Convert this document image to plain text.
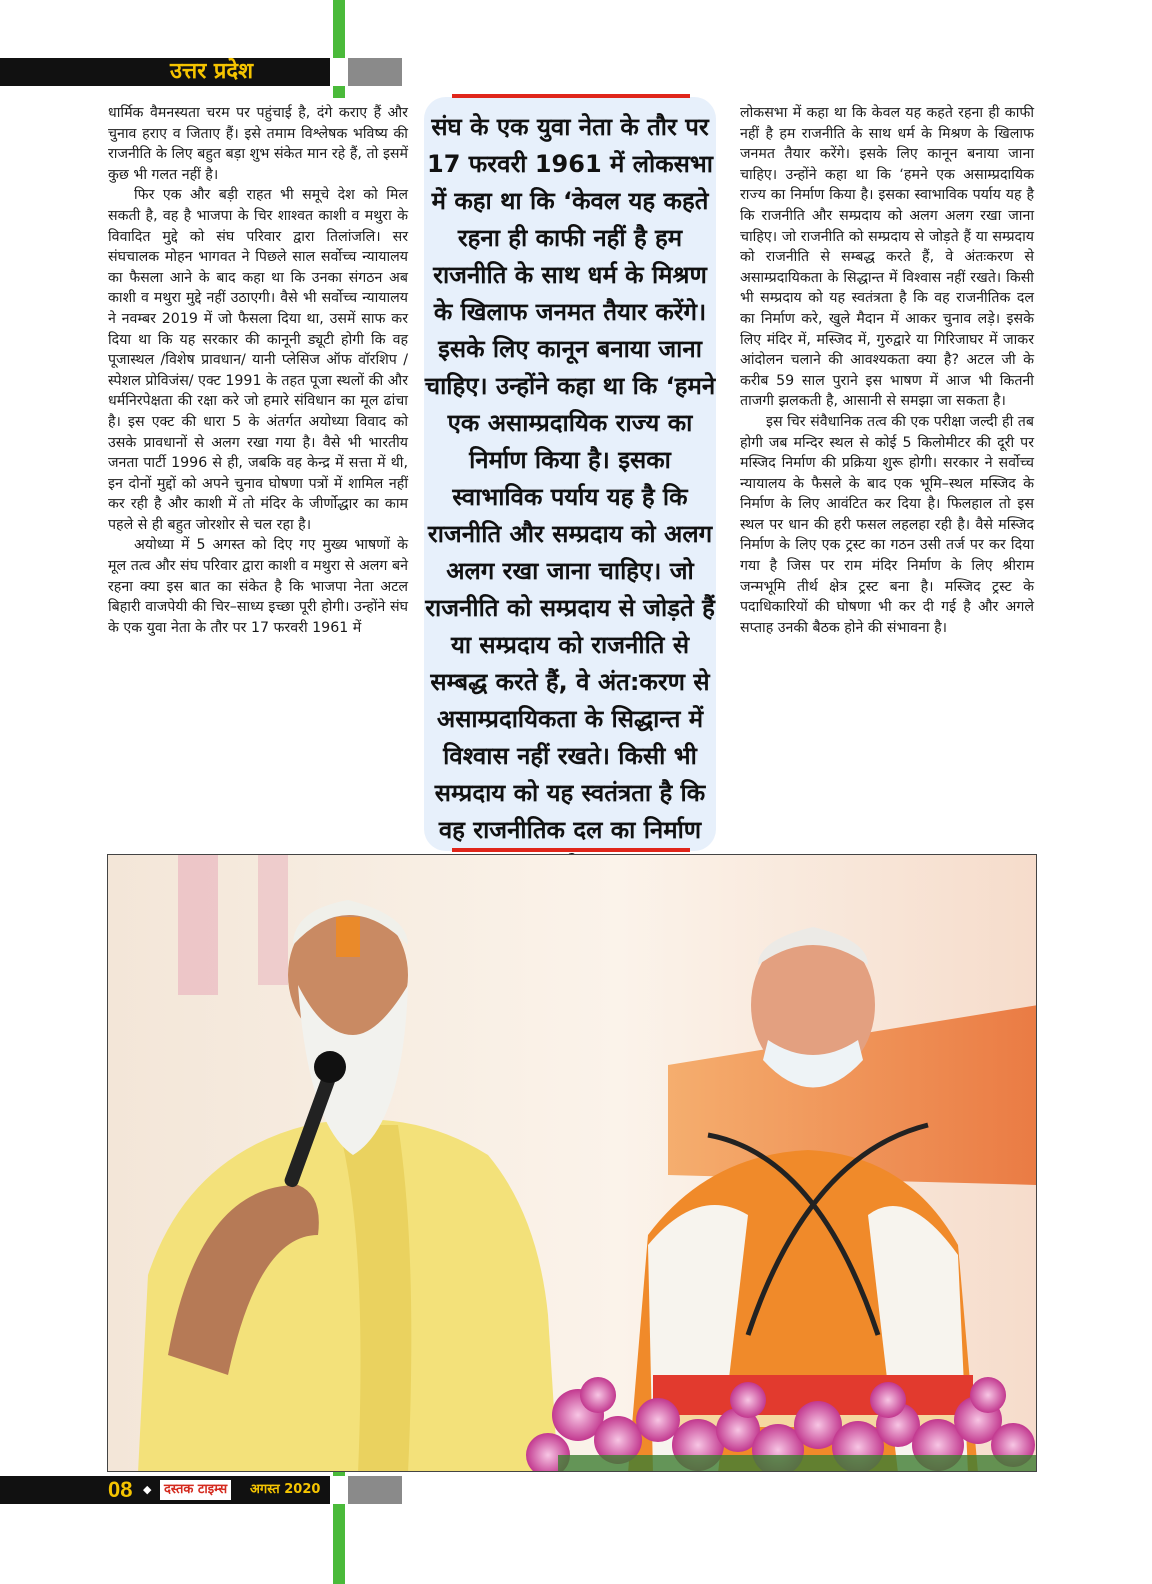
उत्तर प्रदेश

धार्मिक वैमनस्यता चरम पर पहुंचाई है, दंगे कराए हैं और चुनाव हराए व जिताए हैं। इसे तमाम विश्लेषक भविष्य की राजनीति के लिए बहुत बड़ा शुभ संकेत मान रहे हैं, तो इसमें कुछ भी गलत नहीं है।

फिर एक और बड़ी राहत भी समूचे देश को मिल सकती है, वह है भाजपा के चिर शाश्वत काशी व मथुरा के विवादित मुद्दे को संघ परिवार द्वारा तिलांजलि। सर संघचालक मोहन भागवत ने पिछले साल सर्वोच्च न्यायालय का फैसला आने के बाद कहा था कि उनका संगठन अब काशी व मथुरा मुद्दे नहीं उठाएगी। वैसे भी सर्वोच्च न्यायालय ने नवम्बर 2019 में जो फैसला दिया था, उसमें साफ कर दिया था कि यह सरकार की कानूनी ड्यूटी होगी कि वह पूजास्थल /विशेष प्रावधान/ यानी प्लेसिज ऑफ वॉरशिप /स्पेशल प्रोविजंस/ एक्ट 1991 के तहत पूजा स्थलों की और धर्मनिरपेक्षता की रक्षा करे जो हमारे संविधान का मूल ढांचा है। इस एक्ट की धारा 5 के अंतर्गत अयोध्या विवाद को उसके प्रावधानों से अलग रखा गया है। वैसे भी भारतीय जनता पार्टी 1996 से ही, जबकि वह केन्द्र में सत्ता में थी, इन दोनों मुद्दों को अपने चुनाव घोषणा पत्रों में शामिल नहीं कर रही है और काशी में तो मंदिर के जीर्णोद्धार का काम पहले से ही बहुत जोरशोर से चल रहा है।

अयोध्या में 5 अगस्त को दिए गए मुख्य भाषणों के मूल तत्व और संघ परिवार द्वारा काशी व मथुरा से अलग बने रहना क्या इस बात का संकेत है कि भाजपा नेता अटल बिहारी वाजपेयी की चिर–साध्य इच्छा पूरी होगी। उन्होंने संघ के एक युवा नेता के तौर पर 17 फरवरी 1961 में

संघ के एक युवा नेता के तौर पर 17 फरवरी 1961 में लोकसभा में कहा था कि ‘केवल यह कहते रहना ही काफी नहीं है हम राजनीति के साथ धर्म के मिश्रण के खिलाफ जनमत तैयार करेंगे। इसके लिए कानून बनाया जाना चाहिए। उन्होंने कहा था कि ‘हमने एक असाम्प्रदायिक राज्य का निर्माण किया है। इसका स्वाभाविक पर्याय यह है कि राजनीति और सम्प्रदाय को अलग अलग रखा जाना चाहिए। जो राजनीति को सम्प्रदाय से जोड़ते हैं या सम्प्रदाय को राजनीति से सम्बद्ध करते हैं, वे अंत:करण से असाम्प्रदायिकता के सिद्धान्त में विश्वास नहीं रखते। किसी भी सम्प्रदाय को यह स्वतंत्रता है कि वह राजनीतिक दल का निर्माण

लोकसभा में कहा था कि केवल यह कहते रहना ही काफी नहीं है हम राजनीति के साथ धर्म के मिश्रण के खिलाफ जनमत तैयार करेंगे। इसके लिए कानून बनाया जाना चाहिए। उन्होंने कहा था कि ‘हमने एक असाम्प्रदायिक राज्य का निर्माण किया है। इसका स्वाभाविक पर्याय यह है कि राजनीति और सम्प्रदाय को अलग अलग रखा जाना चाहिए। जो राजनीति को सम्प्रदाय से जोड़ते हैं या सम्प्रदाय को राजनीति से सम्बद्ध करते हैं, वे अंतःकरण से असाम्प्रदायिकता के सिद्धान्त में विश्वास नहीं रखते। किसी भी सम्प्रदाय को यह स्वतंत्रता है कि वह राजनीतिक दल का निर्माण करे, खुले मैदान में आकर चुनाव लड़े। इसके लिए मंदिर में, मस्जिद में, गुरुद्वारे या गिरिजाघर में जाकर आंदोलन चलाने की आवश्यकता क्या है? अटल जी के करीब 59 साल पुराने इस भाषण में आज भी कितनी ताजगी झलकती है, आसानी से समझा जा सकता है।

इस चिर संवैधानिक तत्व की एक परीक्षा जल्दी ही तब होगी जब मन्दिर स्थल से कोई 5 किलोमीटर की दूरी पर मस्जिद निर्माण की प्रक्रिया शुरू होगी। सरकार ने सर्वोच्च न्यायालय के फैसले के बाद एक भूमि–स्थल मस्जिद के निर्माण के लिए आवंटित कर दिया है। फिलहाल तो इस स्थल पर धान की हरी फसल लहलहा रही है। वैसे मस्जिद निर्माण के लिए एक ट्रस्ट का गठन उसी तर्ज पर कर दिया गया है जिस पर राम मंदिर निर्माण के लिए श्रीराम जन्मभूमि तीर्थ क्षेत्र ट्रस्ट बना है। मस्जिद ट्रस्ट के पदाधिकारियों की घोषणा भी कर दी गई है और अगले सप्ताह उनकी बैठक होने की संभावना है।

08 ◆ दस्तक टाइम्स	अगस्त 2020
